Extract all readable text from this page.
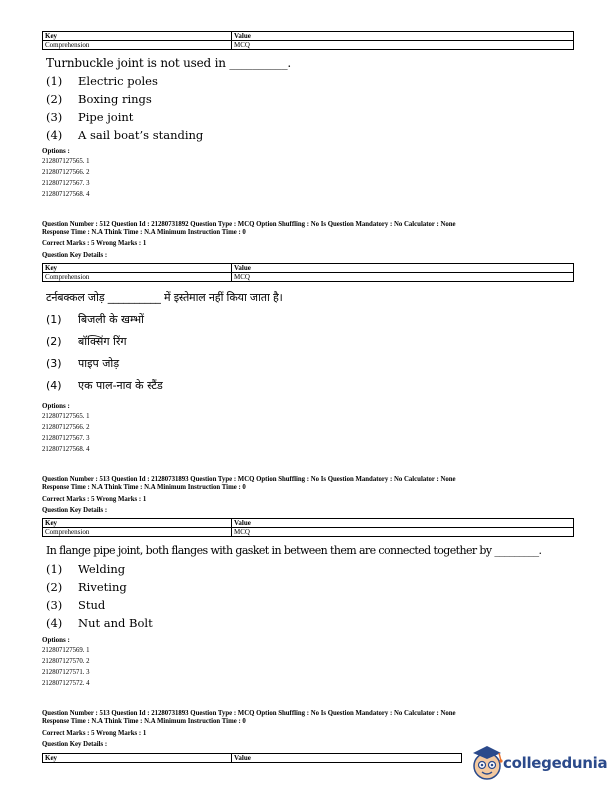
Key	Value
Comprehension	MCQ
Turnbuckle joint is not used in __________.
(1) Electric poles
(2) Boxing rings
(3) Pipe joint
(4) A sail boat’s standing
Options :
212807127565. 1
212807127566. 2
212807127567. 3
212807127568. 4
Question Number : 512 Question Id : 21280731892 Question Type : MCQ Option Shuffling : No Is Question Mandatory : No Calculator : None
Response Time : N.A Think Time : N.A Minimum Instruction Time : 0
Correct Marks : 5 Wrong Marks : 1
Question Key Details :
Key	Value
Comprehension	MCQ
टर्नबक्कल जोड़ __________ में इस्तेमाल नहीं किया जाता है।
(1) बिजली के खम्भों
(2) बॉक्सिंग रिंग
(3) पाइप जोड़
(4) एक पाल-नाव के स्टैंड
Options :
212807127565. 1
212807127566. 2
212807127567. 3
212807127568. 4
Question Number : 513 Question Id : 21280731893 Question Type : MCQ Option Shuffling : No Is Question Mandatory : No Calculator : None
Response Time : N.A Think Time : N.A Minimum Instruction Time : 0
Correct Marks : 5 Wrong Marks : 1
Question Key Details :
Key	Value
Comprehension	MCQ
In flange pipe joint, both flanges with gasket in between them are connected together by _________.
(1) Welding
(2) Riveting
(3) Stud
(4) Nut and Bolt
Options :
212807127569. 1
212807127570. 2
212807127571. 3
212807127572. 4
Question Number : 513 Question Id : 21280731893 Question Type : MCQ Option Shuffling : No Is Question Mandatory : No Calculator : None
Response Time : N.A Think Time : N.A Minimum Instruction Time : 0
Correct Marks : 5 Wrong Marks : 1
Question Key Details :
Key	Value	collegedunia
